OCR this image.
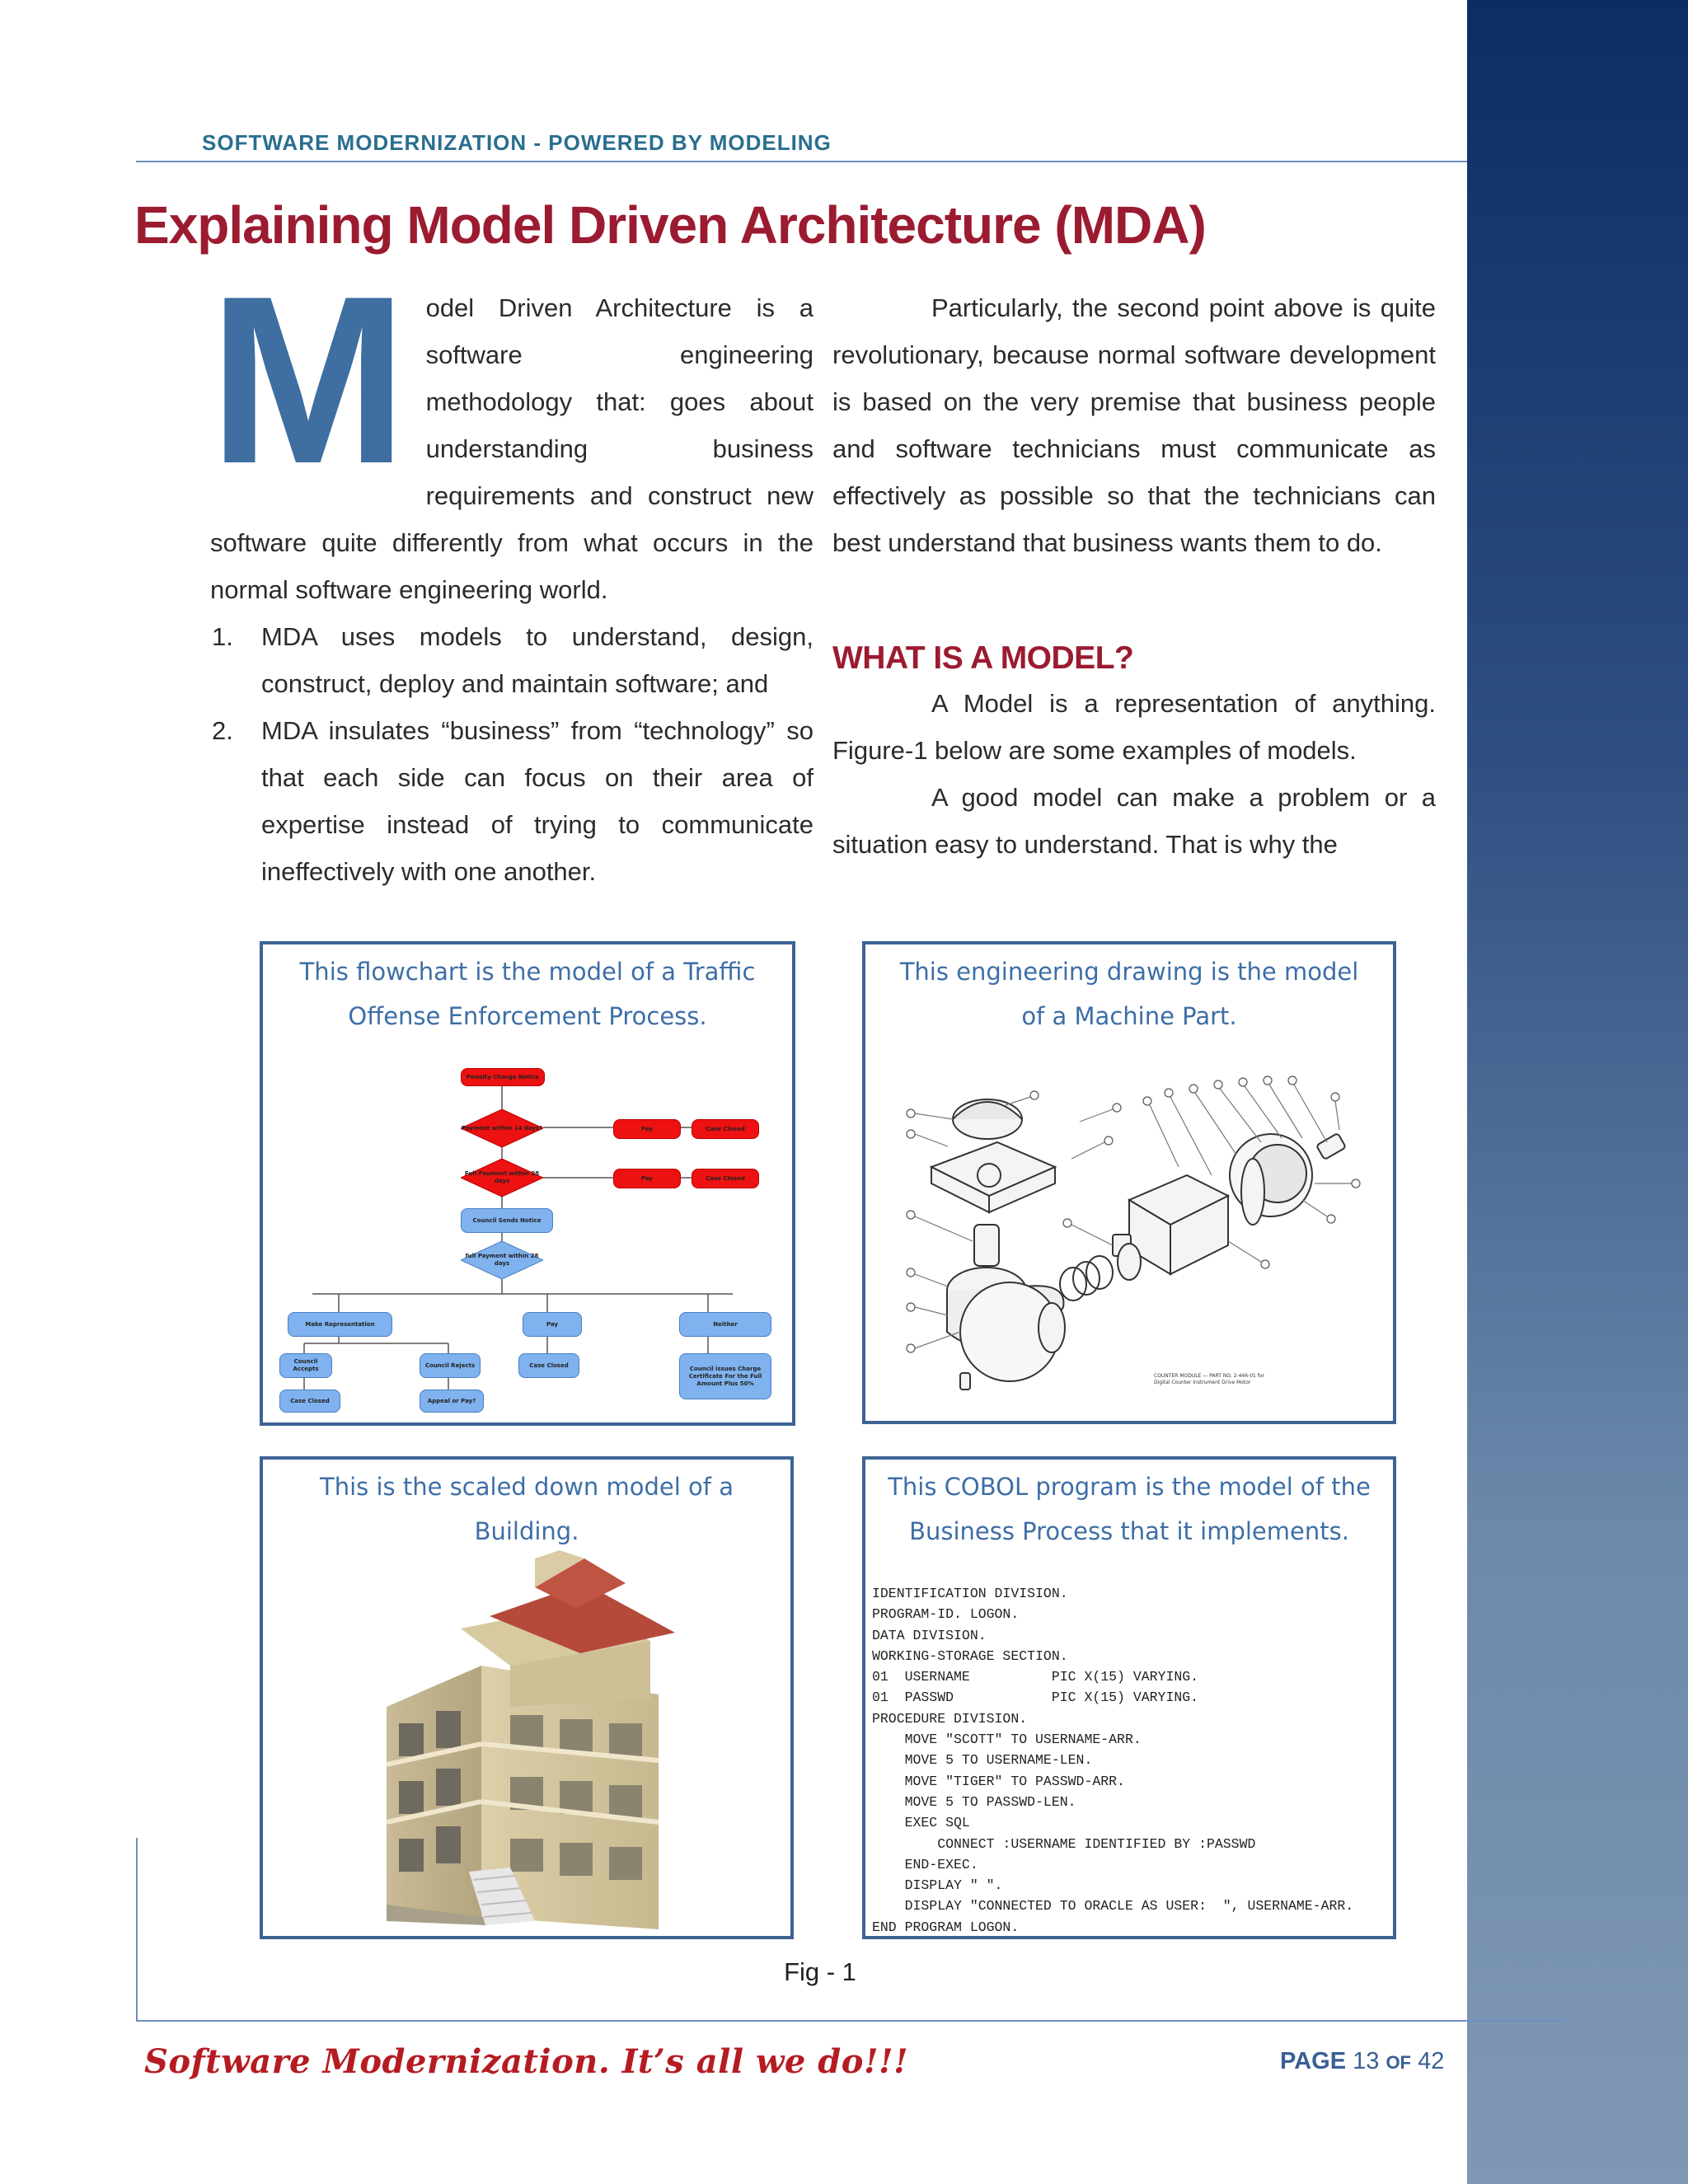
SOFTWARE MODERNIZATION - POWERED BY MODELING
Explaining Model Driven Architecture (MDA)

Model Driven Architecture is a software engineering methodology that: goes about understanding business requirements and construct new software quite differently from what occurs in the normal software engineering world.

1. MDA uses models to understand, design, construct, deploy and maintain software; and
2. MDA insulates “business” from “technology” so that each side can focus on their area of expertise instead of trying to communicate ineffectively with one another.

Particularly, the second point above is quite revolutionary, because normal software development is based on the very premise that business people and software technicians must communicate as effectively as possible so that the technicians can best understand that business wants them to do.

WHAT IS A MODEL?

A Model is a representation of anything. Figure-1 below are some examples of models.

A good model can make a problem or a situation easy to understand. That is why the

This flowchart is the model of a Traffic Offense Enforcement Process.
Penalty Charge Notice
Payment within 14 days?	Pay	Case Closed
Full Payment within 28 days	Pay	Case Closed
Council Sends Notice
full Payment within 28 days
Make Representation	Pay	Neither
Council Accepts
Council Rejects	Case Closed	Council issues Charge Certificate For the Full Amount Plus 50%
Case Closed	Appeal or Pay?
This engineering drawing is the model of a Machine Part.
COUNTER MODULE — PART NO. 2-446-01 for Digital Counter Instrument Drive Motor
This is the scaled down model of a Building.
This COBOL program is the model of the Business Process that it implements.
IDENTIFICATION DIVISION.
PROGRAM-ID. LOGON.
DATA DIVISION.
WORKING-STORAGE SECTION.
01  USERNAME          PIC X(15) VARYING.
01  PASSWD            PIC X(15) VARYING.
PROCEDURE DIVISION.
MOVE "SCOTT" TO USERNAME-ARR.
MOVE 5 TO USERNAME-LEN.
MOVE "TIGER" TO PASSWD-ARR.
MOVE 5 TO PASSWD-LEN.
EXEC SQL
CONNECT :USERNAME IDENTIFIED BY :PASSWD
END-EXEC.
DISPLAY " ".
DISPLAY "CONNECTED TO ORACLE AS USER:  ", USERNAME-ARR.
END PROGRAM LOGON.
Fig - 1
Software Modernization. It’s all we do!!!	PAGE 13 OF 42
